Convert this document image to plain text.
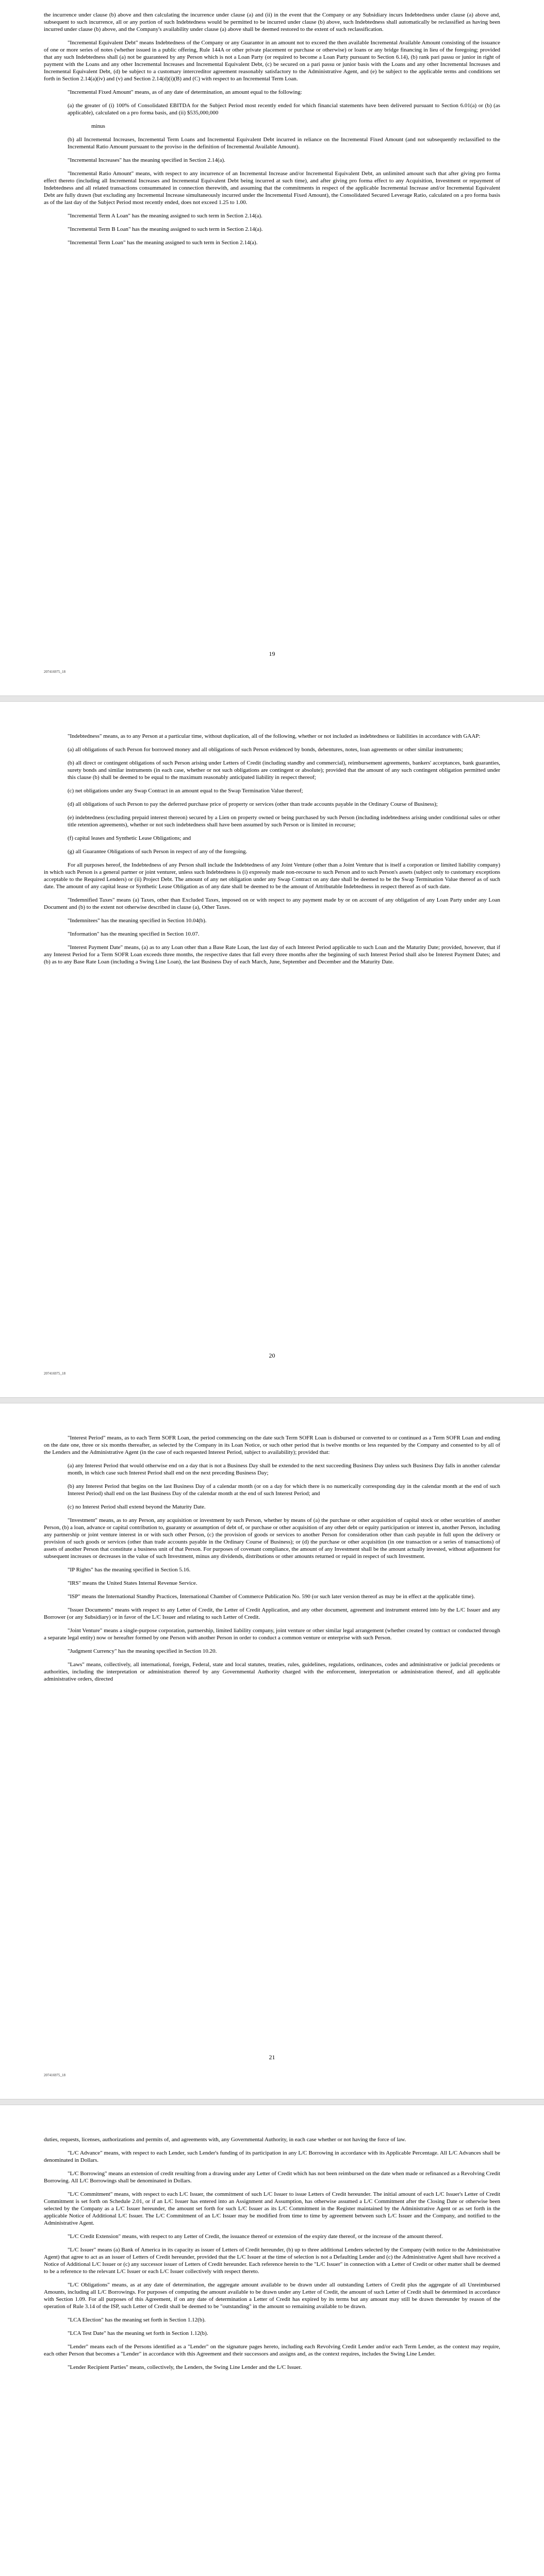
the incurrence under clause (b) above and then calculating the incurrence under clause (a) and (ii) in the event that the Company or any Subsidiary incurs Indebtedness under clause (a) above and, subsequent to such incurrence, all or any portion of such Indebtedness would be permitted to be incurred under clause (b) above, such Indebtedness shall automatically be reclassified as having been incurred under clause (b) above, and the Company's availability under clause (a) above shall be deemed restored to the extent of such reclassification.

"Incremental Equivalent Debt" means Indebtedness of the Company or any Guarantor in an amount not to exceed the then available Incremental Available Amount consisting of the issuance of one or more series of notes (whether issued in a public offering, Rule 144A or other private placement or purchase or otherwise) or loans or any bridge financing in lieu of the foregoing; provided that any such Indebtedness shall (a) not be guaranteed by any Person which is not a Loan Party (or required to become a Loan Party pursuant to Section 6.14), (b) rank pari passu or junior in right of payment with the Loans and any other Incremental Increases and Incremental Equivalent Debt, (c) be secured on a pari passu or junior basis with the Loans and any other Incremental Increases and Incremental Equivalent Debt, (d) be subject to a customary intercreditor agreement reasonably satisfactory to the Administrative Agent, and (e) be subject to the applicable terms and conditions set forth in Section 2.14(a)(iv) and (v) and Section 2.14(d)(i)(B) and (C) with respect to an Incremental Term Loan.

"Incremental Fixed Amount" means, as of any date of determination, an amount equal to the following:

(a) the greater of (i) 100% of Consolidated EBITDA for the Subject Period most recently ended for which financial statements have been delivered pursuant to Section 6.01(a) or (b) (as applicable), calculated on a pro forma basis, and (ii) $535,000,000

minus

(b) all Incremental Increases, Incremental Term Loans and Incremental Equivalent Debt incurred in reliance on the Incremental Fixed Amount (and not subsequently reclassified to the Incremental Ratio Amount pursuant to the proviso in the definition of Incremental Available Amount).

"Incremental Increases" has the meaning specified in Section 2.14(a).

"Incremental Ratio Amount" means, with respect to any incurrence of an Incremental Increase and/or Incremental Equivalent Debt, an unlimited amount such that after giving pro forma effect thereto (including all Incremental Increases and Incremental Equivalent Debt being incurred at such time), and after giving pro forma effect to any Acquisition, Investment or repayment of Indebtedness and all related transactions consummated in connection therewith, and assuming that the commitments in respect of the applicable Incremental Increase and/or Incremental Equivalent Debt are fully drawn (but excluding any Incremental Increase simultaneously incurred under the Incremental Fixed Amount), the Consolidated Secured Leverage Ratio, calculated on a pro forma basis as of the last day of the Subject Period most recently ended, does not exceed 1.25 to 1.00.

"Incremental Term A Loan" has the meaning assigned to such term in Section 2.14(a).

"Incremental Term B Loan" has the meaning assigned to such term in Section 2.14(a).

"Incremental Term Loan" has the meaning assigned to such term in Section 2.14(a).

19
207416975_18

"Indebtedness" means, as to any Person at a particular time, without duplication, all of the following, whether or not included as indebtedness or liabilities in accordance with GAAP:

(a) all obligations of such Person for borrowed money and all obligations of such Person evidenced by bonds, debentures, notes, loan agreements or other similar instruments;

(b) all direct or contingent obligations of such Person arising under Letters of Credit (including standby and commercial), reimbursement agreements, bankers' acceptances, bank guaranties, surety bonds and similar instruments (in each case, whether or not such obligations are contingent or absolute); provided that the amount of any such contingent obligation permitted under this clause (b) shall be deemed to be equal to the maximum reasonably anticipated liability in respect thereof;

(c) net obligations under any Swap Contract in an amount equal to the Swap Termination Value thereof;

(d) all obligations of such Person to pay the deferred purchase price of property or services (other than trade accounts payable in the Ordinary Course of Business);

(e) indebtedness (excluding prepaid interest thereon) secured by a Lien on property owned or being purchased by such Person (including indebtedness arising under conditional sales or other title retention agreements), whether or not such indebtedness shall have been assumed by such Person or is limited in recourse;

(f) capital leases and Synthetic Lease Obligations; and

(g) all Guarantee Obligations of such Person in respect of any of the foregoing.

For all purposes hereof, the Indebtedness of any Person shall include the Indebtedness of any Joint Venture (other than a Joint Venture that is itself a corporation or limited liability company) in which such Person is a general partner or joint venturer, unless such Indebtedness is (i) expressly made non-recourse to such Person and to such Person's assets (subject only to customary exceptions acceptable to the Required Lenders) or (ii) Project Debt. The amount of any net obligation under any Swap Contract on any date shall be deemed to be the Swap Termination Value thereof as of such date. The amount of any capital lease or Synthetic Lease Obligation as of any date shall be deemed to be the amount of Attributable Indebtedness in respect thereof as of such date.

"Indemnified Taxes" means (a) Taxes, other than Excluded Taxes, imposed on or with respect to any payment made by or on account of any obligation of any Loan Party under any Loan Document and (b) to the extent not otherwise described in clause (a), Other Taxes.

"Indemnitees" has the meaning specified in Section 10.04(b).

"Information" has the meaning specified in Section 10.07.

"Interest Payment Date" means, (a) as to any Loan other than a Base Rate Loan, the last day of each Interest Period applicable to such Loan and the Maturity Date; provided, however, that if any Interest Period for a Term SOFR Loan exceeds three months, the respective dates that fall every three months after the beginning of such Interest Period shall also be Interest Payment Dates; and (b) as to any Base Rate Loan (including a Swing Line Loan), the last Business Day of each March, June, September and December and the Maturity Date.

20
207416975_18

"Interest Period" means, as to each Term SOFR Loan, the period commencing on the date such Term SOFR Loan is disbursed or converted to or continued as a Term SOFR Loan and ending on the date one, three or six months thereafter, as selected by the Company in its Loan Notice, or such other period that is twelve months or less requested by the Company and consented to by all of the Lenders and the Administrative Agent (in the case of each requested Interest Period, subject to availability); provided that:

(a) any Interest Period that would otherwise end on a day that is not a Business Day shall be extended to the next succeeding Business Day unless such Business Day falls in another calendar month, in which case such Interest Period shall end on the next preceding Business Day;

(b) any Interest Period that begins on the last Business Day of a calendar month (or on a day for which there is no numerically corresponding day in the calendar month at the end of such Interest Period) shall end on the last Business Day of the calendar month at the end of such Interest Period; and

(c) no Interest Period shall extend beyond the Maturity Date.

"Investment" means, as to any Person, any acquisition or investment by such Person, whether by means of (a) the purchase or other acquisition of capital stock or other securities of another Person, (b) a loan, advance or capital contribution to, guaranty or assumption of debt of, or purchase or other acquisition of any other debt or equity participation or interest in, another Person, including any partnership or joint venture interest in or with such other Person, (c) the provision of goods or services to another Person for consideration other than cash payable in full upon the delivery or provision of such goods or services (other than trade accounts payable in the Ordinary Course of Business); or (d) the purchase or other acquisition (in one transaction or a series of transactions) of assets of another Person that constitute a business unit of that Person. For purposes of covenant compliance, the amount of any Investment shall be the amount actually invested, without adjustment for subsequent increases or decreases in the value of such Investment, minus any dividends, distributions or other amounts returned or repaid in respect of such Investment.

"IP Rights" has the meaning specified in Section 5.16.

"IRS" means the United States Internal Revenue Service.

"ISP" means the International Standby Practices, International Chamber of Commerce Publication No. 590 (or such later version thereof as may be in effect at the applicable time).

"Issuer Documents" means with respect to any Letter of Credit, the Letter of Credit Application, and any other document, agreement and instrument entered into by the L/C Issuer and any Borrower (or any Subsidiary) or in favor of the L/C Issuer and relating to such Letter of Credit.

"Joint Venture" means a single-purpose corporation, partnership, limited liability company, joint venture or other similar legal arrangement (whether created by contract or conducted through a separate legal entity) now or hereafter formed by one Person with another Person in order to conduct a common venture or enterprise with such Person.

"Judgment Currency" has the meaning specified in Section 10.20.

"Laws" means, collectively, all international, foreign, Federal, state and local statutes, treaties, rules, guidelines, regulations, ordinances, codes and administrative or judicial precedents or authorities, including the interpretation or administration thereof by any Governmental Authority charged with the enforcement, interpretation or administration thereof, and all applicable administrative orders, directed

21
207416975_18

duties, requests, licenses, authorizations and permits of, and agreements with, any Governmental Authority, in each case whether or not having the force of law.

"L/C Advance" means, with respect to each Lender, such Lender's funding of its participation in any L/C Borrowing in accordance with its Applicable Percentage. All L/C Advances shall be denominated in Dollars.

"L/C Borrowing" means an extension of credit resulting from a drawing under any Letter of Credit which has not been reimbursed on the date when made or refinanced as a Revolving Credit Borrowing. All L/C Borrowings shall be denominated in Dollars.

"L/C Commitment" means, with respect to each L/C Issuer, the commitment of such L/C Issuer to issue Letters of Credit hereunder. The initial amount of each L/C Issuer's Letter of Credit Commitment is set forth on Schedule 2.01, or if an L/C Issuer has entered into an Assignment and Assumption, has otherwise assumed a L/C Commitment after the Closing Date or otherwise been selected by the Company as a L/C Issuer hereunder, the amount set forth for such L/C Issuer as its L/C Commitment in the Register maintained by the Administrative Agent or as set forth in the applicable Notice of Additional L/C Issuer. The L/C Commitment of an L/C Issuer may be modified from time to time by agreement between such L/C Issuer and the Company, and notified to the Administrative Agent.

"L/C Credit Extension" means, with respect to any Letter of Credit, the issuance thereof or extension of the expiry date thereof, or the increase of the amount thereof.

"L/C Issuer" means (a) Bank of America in its capacity as issuer of Letters of Credit hereunder, (b) up to three additional Lenders selected by the Company (with notice to the Administrative Agent) that agree to act as an issuer of Letters of Credit hereunder, provided that the L/C Issuer at the time of selection is not a Defaulting Lender and (c) the Administrative Agent shall have received a Notice of Additional L/C Issuer or (c) any successor issuer of Letters of Credit hereunder. Each reference herein to the "L/C Issuer" in connection with a Letter of Credit or other matter shall be deemed to be a reference to the relevant L/C Issuer or each L/C Issuer collectively with respect thereto.

"L/C Obligations" means, as at any date of determination, the aggregate amount available to be drawn under all outstanding Letters of Credit plus the aggregate of all Unreimbursed Amounts, including all L/C Borrowings. For purposes of computing the amount available to be drawn under any Letter of Credit, the amount of such Letter of Credit shall be determined in accordance with Section 1.09. For all purposes of this Agreement, if on any date of determination a Letter of Credit has expired by its terms but any amount may still be drawn thereunder by reason of the operation of Rule 3.14 of the ISP, such Letter of Credit shall be deemed to be "outstanding" in the amount so remaining available to be drawn.

"LCA Election" has the meaning set forth in Section 1.12(b).

"LCA Test Date" has the meaning set forth in Section 1.12(b).

"Lender" means each of the Persons identified as a "Lender" on the signature pages hereto, including each Revolving Credit Lender and/or each Term Lender, as the context may require, each other Person that becomes a "Lender" in accordance with this Agreement and their successors and assigns and, as the context requires, includes the Swing Line Lender.

"Lender Recipient Parties" means, collectively, the Lenders, the Swing Line Lender and the L/C Issuer.
